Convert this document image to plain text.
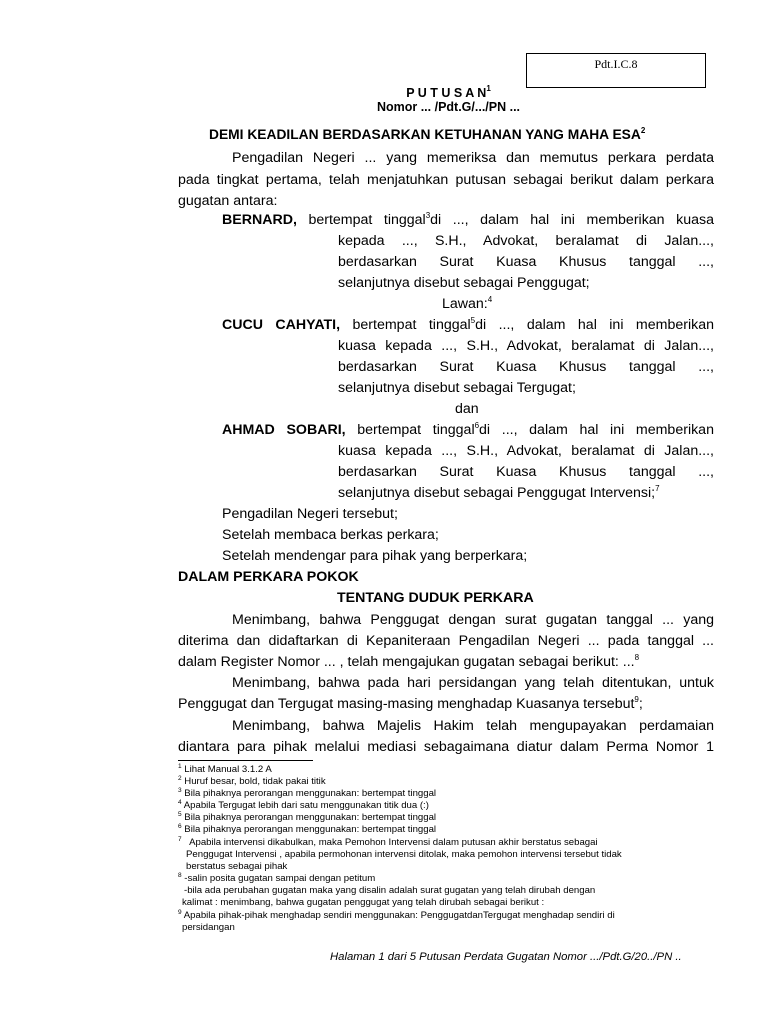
Pdt.I.C.8
P U T U S A $N^1$
Nomor ... /Pdt.G/.../PN ...
DEMI KEADILAN BERDASARKAN KETUHANAN YANG MAHA ESA$^2$
Pengadilan Negeri ... yang memeriksa dan memutus perkara perdata
pada tingkat pertama, telah menjatuhkan putusan sebagai berikut dalam perkara
gugatan antara:
BERNARD, bertempat tinggal$^3$di ..., dalam hal ini memberikan kuasa
kepada ..., S.H., Advokat, beralamat di Jalan...,
berdasarkan Surat Kuasa Khusus tanggal ...,
selanjutnya disebut sebagai Penggugat;
Lawan:$^4$
CUCU CAHYATI, bertempat tinggal$^5$di ..., dalam hal ini memberikan
kuasa kepada ..., S.H., Advokat, beralamat di Jalan...,
berdasarkan Surat Kuasa Khusus tanggal ...,
selanjutnya disebut sebagai Tergugat;
dan
AHMAD SOBARI, bertempat tinggal$^6$di ..., dalam hal ini memberikan
kuasa kepada ..., S.H., Advokat, beralamat di Jalan...,
berdasarkan Surat Kuasa Khusus tanggal ...,
selanjutnya disebut sebagai Penggugat Intervensi;$^7$
Pengadilan Negeri tersebut;
Setelah membaca berkas perkara;
Setelah mendengar para pihak yang berperkara;
DALAM PERKARA POKOK
TENTANG DUDUK PERKARA
Menimbang, bahwa Penggugat dengan surat gugatan tanggal ... yang
diterima dan didaftarkan di Kepaniteraan Pengadilan Negeri ... pada tanggal ...
dalam Register Nomor ... , telah mengajukan gugatan sebagai berikut: ...$^8$
Menimbang, bahwa pada hari persidangan yang telah ditentukan, untuk
Penggugat dan Tergugat masing-masing menghadap Kuasanya tersebut$^9$;
Menimbang, bahwa Majelis Hakim telah mengupayakan perdamaian
diantara para pihak melalui mediasi sebagaimana diatur dalam Perma Nomor 1
$^1$ Lihat Manual 3.1.2 A
$^2$ Huruf besar, bold, tidak pakai titik
$^3$ Bila pihaknya perorangan menggunakan: bertempat tinggal
$^4$ Apabila Tergugat lebih dari satu menggunakan titik dua (:)
$^5$ Bila pihaknya perorangan menggunakan: bertempat tinggal
$^6$ Bila pihaknya perorangan menggunakan: bertempat tinggal
$^7$ Apabila intervensi dikabulkan, maka Pemohon Intervensi dalam putusan akhir berstatus sebagai
Penggugat Intervensi , apabila permohonan intervensi ditolak, maka pemohon intervensi tersebut tidak
berstatus sebagai pihak
$^8$ -salin posita gugatan sampai dengan petitum
-bila ada perubahan gugatan maka yang disalin adalah surat gugatan yang telah dirubah dengan
kalimat : menimbang, bahwa gugatan penggugat yang telah dirubah sebagai berikut :
$^9$ Apabila pihak-pihak menghadap sendiri menggunakan: PenggugatdanTergugat menghadap sendiri di
persidangan
Halaman 1 dari 5 Putusan Perdata Gugatan Nomor .../Pdt.G/20../PN ..
